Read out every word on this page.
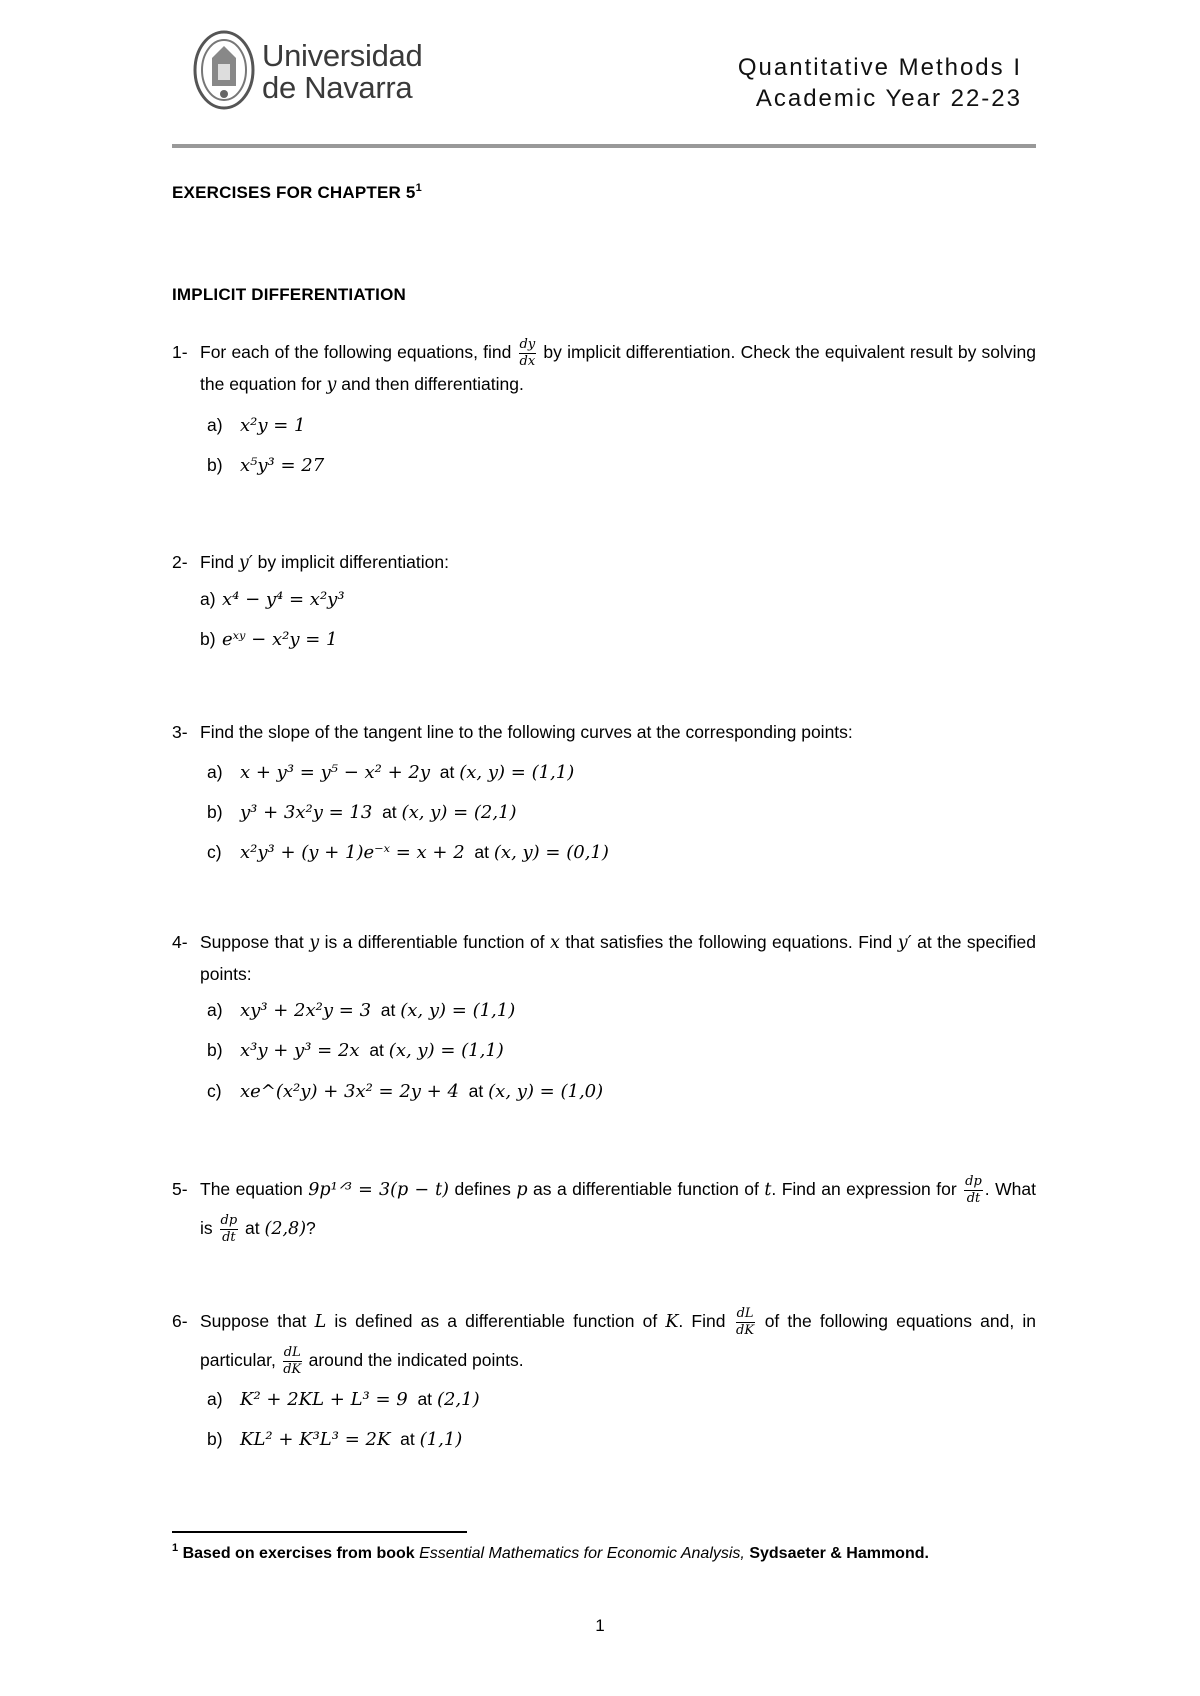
Universidad
de Navarra
Quantitative Methods I
Academic Year 22-23
EXERCISES FOR CHAPTER $5^1$
IMPLICIT DIFFERENTIATION
1- For each of the following equations, find $\frac{dy}{dx}$ by implicit differentiation. Check the equivalent result by solving the equation for y and then differentiating.
a) x²y = 1
b) x⁵y³ = 27
2- Find y′ by implicit differentiation:
a) x⁴ − y⁴ = x²y³
b) eˣʸ − x²y = 1
3- Find the slope of the tangent line to the following curves at the corresponding points:
a) x + y³ = y⁵ − x² + 2y at (x, y) = (1,1)
b) y³ + 3x²y = 13 at (x, y) = (2,1)
c) x²y³ + (y + 1)e⁻ˣ = x + 2 at (x, y) = (0,1)
4- Suppose that y is a differentiable function of x that satisfies the following equations. Find y′ at the specified points:
a) xy³ + 2x²y = 3 at (x, y) = (1,1)
b) x³y + y³ = 2x at (x, y) = (1,1)
c) xe^(x²y) + 3x² = 2y + 4 at (x, y) = (1,0)
5- The equation 9p¹ᐟ³ = 3(p − t) defines p as a differentiable function of t. Find an expression for $\frac{dp}{dt}$ . What is $\frac{dp}{dt}$ at (2,8)?
6- Suppose that L is defined as a differentiable function of K. Find $\frac{dL}{dK}$ of the following equations and, in particular, $\frac{dL}{dK}$ around the indicated points.
a) K² + 2KL + L³ = 9 at (2,1)
b) KL² + K³L³ = 2K at (1,1)
$^1$ Based on exercises from book Essential Mathematics for Economic Analysis, Sydsaeter & Hammond.
1
